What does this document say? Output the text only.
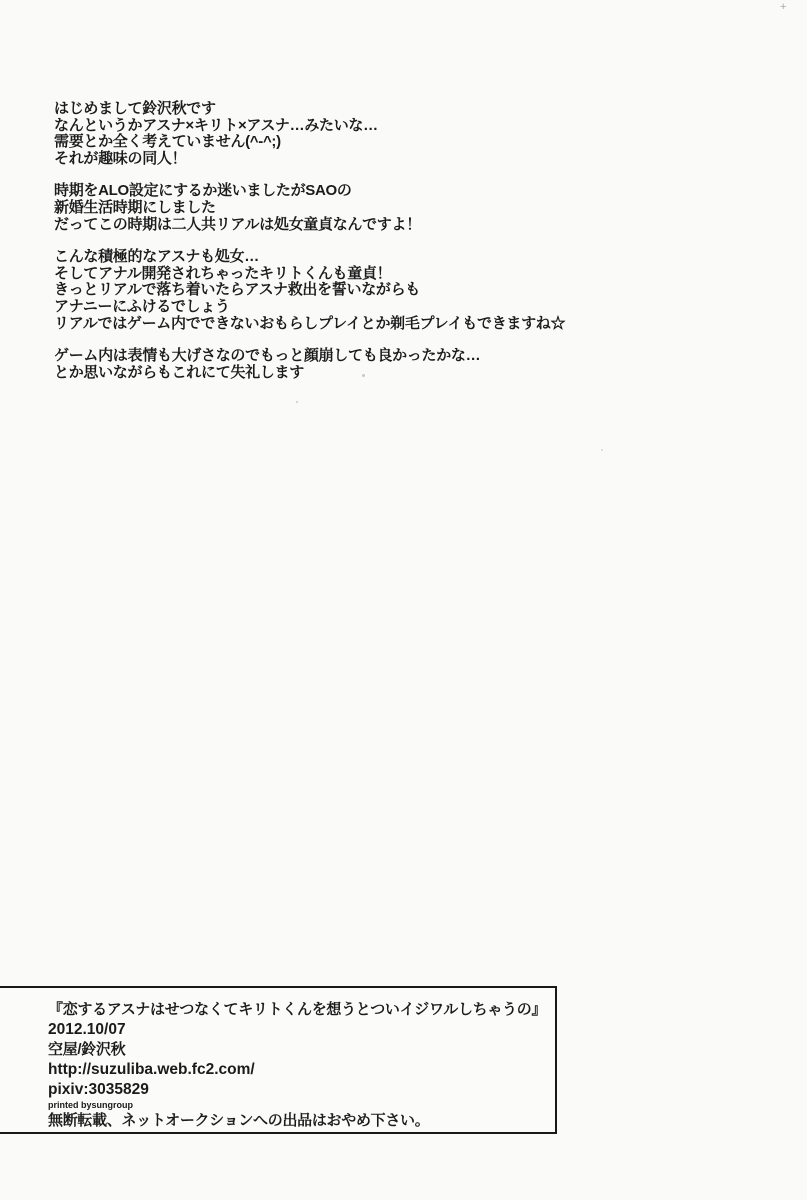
+

はじめまして鈴沢秋です
なんというかアスナ×キリト×アスナ…みたいな…
需要とか全く考えていません(^-^;)
それが趣味の同人！

時期をALO設定にするか迷いましたがSAOの
新婚生活時期にしました
だってこの時期は二人共リアルは処女童貞なんですよ！

こんな積極的なアスナも処女…
そしてアナル開発されちゃったキリトくんも童貞！
きっとリアルで落ち着いたらアスナ救出を誓いながらも
アナニーにふけるでしょう
リアルではゲーム内でできないおもらしプレイとか剃毛プレイもできますね☆

ゲーム内は表情も大げさなのでもっと顔崩しても良かったかな…
とか思いながらもこれにて失礼します

『恋するアスナはせつなくてキリトくんを想うとついイジワルしちゃうの』
2012.10/07
空屋/鈴沢秋
http://suzuliba.web.fc2.com/
pixiv:3035829
printed bysungroup
無断転載、ネットオークションへの出品はおやめ下さい。
